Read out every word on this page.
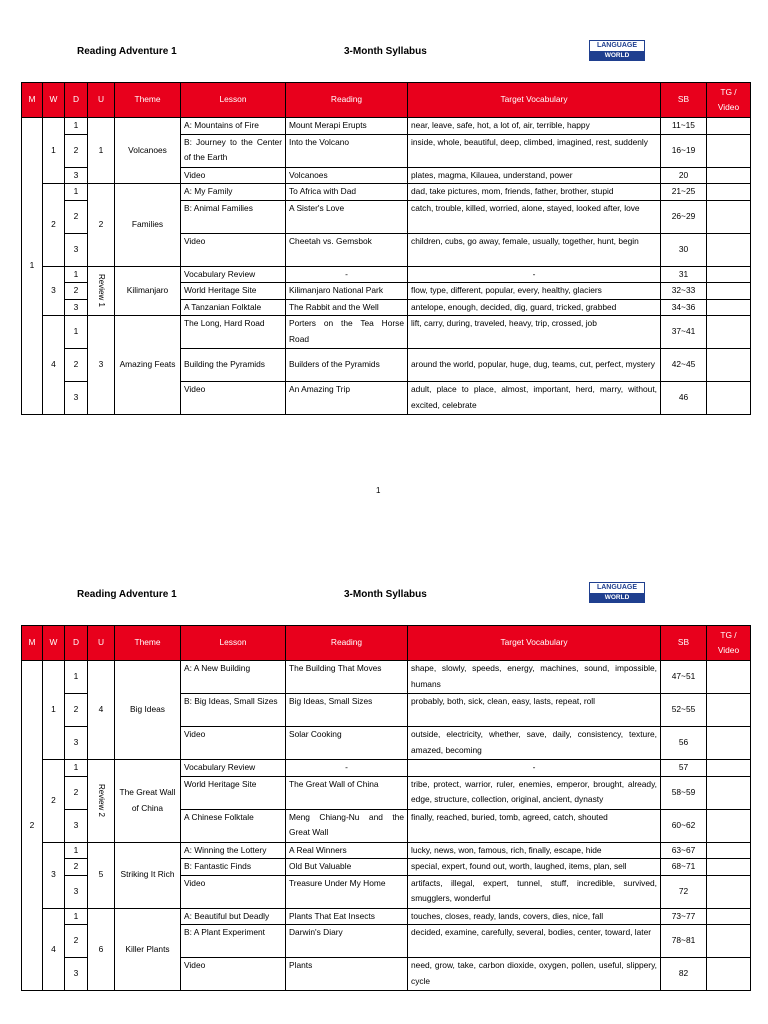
Reading Adventure 1	3-Month Syllabus
LANGUAGE
WORLD
M	W	D	U	Theme	Lesson	Reading	Target Vocabulary	SB	TG / Video
1	1	1	1	Volcanoes	A: Mountains of Fire	Mount Merapi Erupts	near, leave, safe, hot, a lot of, air, terrible, happy	11~15	
		2			B: Journey to the Center of the Earth	Into the Volcano	inside, whole, beautiful, deep, climbed, imagined, rest, suddenly	16~19	
		3			Video	Volcanoes	plates, magma, Kilauea, understand, power	20	
	2	1	2	Families	A: My Family	To Africa with Dad	dad, take pictures, mom, friends, father, brother, stupid	21~25	
		2			B: Animal Families	A Sister's Love	catch, trouble, killed, worried, alone, stayed, looked after, love	26~29	
		3			Video	Cheetah vs. Gemsbok	children, cubs, go away, female, usually, together, hunt, begin	30	
	3	1	Review 1	Kilimanjaro	Vocabulary Review	-	-	31	
		2			World Heritage Site	Kilimanjaro National Park	flow, type, different, popular, every, healthy, glaciers	32~33	
		3			A Tanzanian Folktale	The Rabbit and the Well	antelope, enough, decided, dig, guard, tricked, grabbed	34~36	
	4	1	3	Amazing Feats	The Long, Hard Road	Porters on the Tea Horse Road	lift, carry, during, traveled, heavy, trip, crossed, job	37~41	
		2			Building the Pyramids	Builders of the Pyramids	around the world, popular, huge, dug, teams, cut, perfect, mystery	42~45	
		3			Video	An Amazing Trip	adult, place to place, almost, important, herd, marry, without, excited, celebrate	46	
1
Reading Adventure 1	3-Month Syllabus
LANGUAGE
WORLD
M	W	D	U	Theme	Lesson	Reading	Target Vocabulary	SB	TG / Video
2	1	1	4	Big Ideas	A: A New Building	The Building That Moves	shape, slowly, speeds, energy, machines, sound, impossible, humans	47~51	
		2			B: Big Ideas, Small Sizes	Big Ideas, Small Sizes	probably, both, sick, clean, easy, lasts, repeat, roll	52~55	
		3			Video	Solar Cooking	outside, electricity, whether, save, daily, consistency, texture, amazed, becoming	56	
	2	1	Review 2	The Great Wall of China	Vocabulary Review	-	-	57	
		2			World Heritage Site	The Great Wall of China	tribe, protect, warrior, ruler, enemies, emperor, brought, already, edge, structure, collection, original, ancient, dynasty	58~59	
		3			A Chinese Folktale	Meng Chiang-Nu and the Great Wall	finally, reached, buried, tomb, agreed, catch, shouted	60~62	
	3	1	5	Striking It Rich	A: Winning the Lottery	A Real Winners	lucky, news, won, famous, rich, finally, escape, hide	63~67	
		2			B: Fantastic Finds	Old But Valuable	special, expert, found out, worth, laughed, items, plan, sell	68~71	
		3			Video	Treasure Under My Home	artifacts, illegal, expert, tunnel, stuff, incredible, survived, smugglers, wonderful	72	
	4	1	6	Killer Plants	A: Beautiful but Deadly	Plants That Eat Insects	touches, closes, ready, lands, covers, dies, nice, fall	73~77	
		2			B: A Plant Experiment	Darwin's Diary	decided, examine, carefully, several, bodies, center, toward, later	78~81	
		3			Video	Plants	need, grow, take, carbon dioxide, oxygen, pollen, useful, slippery, cycle	82	
